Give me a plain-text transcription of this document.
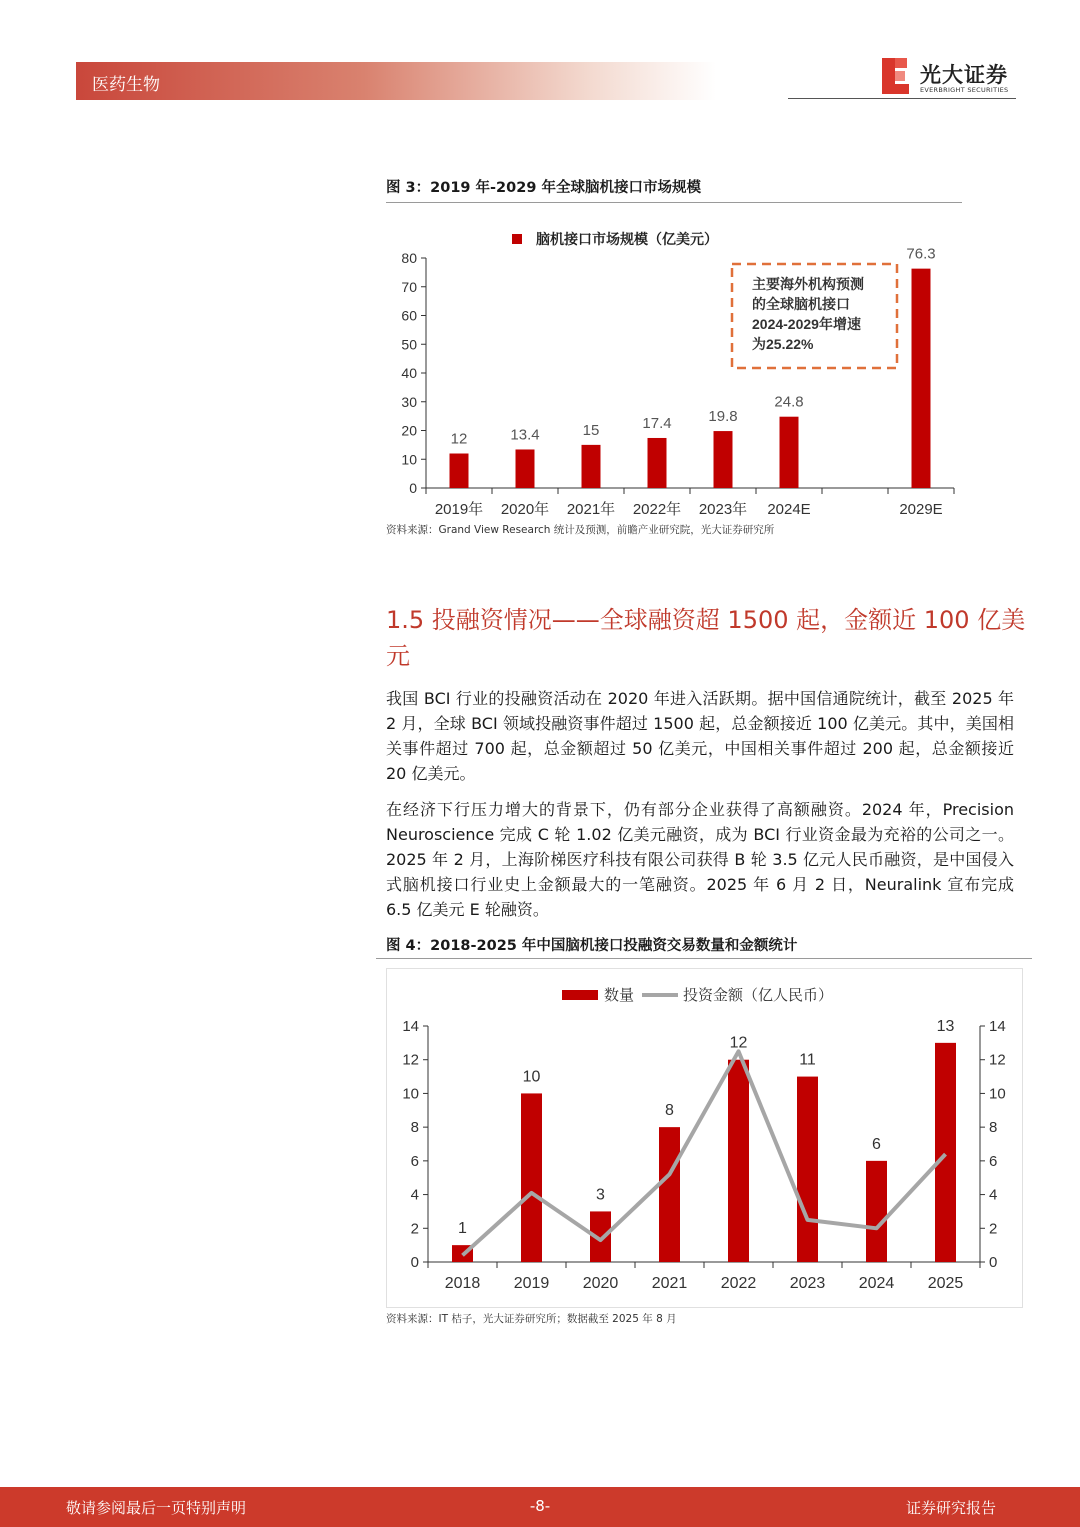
医药生物	光大证券
EVERBRIGHT SECURITIES
图 3：2019 年-2029 年全球脑机接口市场规模
脑机接口市场规模（亿美元）
0
10
20
30
40
50
60
70
80
2019年 2020年 2021年 2022年 2023年 2024E	2029E
12	13.4	15	17.4 19.8
24.8
76.3
主要海外机构预测
的全球脑机接口
2024-2029年增速
为25.22%
资料来源：Grand View Research 统计及预测，前瞻产业研究院，光大证券研究所
1.5 投融资情况——全球融资超 1500 起，金额近 100 亿美元
我国 BCI 行业的投融资活动在 2020 年进入活跃期。据中国信通院统计，截至 2025 年 2 月，全球 BCI 领域投融资事件超过 1500 起，总金额接近 100 亿美元。其中，美国相关事件超过 700 起，总金额超过 50 亿美元，中国相关事件超过 200 起，总金额接近 20 亿美元。
在经济下行压力增大的背景下，仍有部分企业获得了高额融资。2024 年，Precision Neuroscience 完成 C 轮 1.02 亿美元融资，成为 BCI 行业资金最为充裕的公司之一。2025 年 2 月，上海阶梯医疗科技有限公司获得 B 轮 3.5 亿元人民币融资，是中国侵入式脑机接口行业史上金额最大的一笔融资。2025 年 6 月 2 日，Neuralink 宣布完成 6.5 亿美元 E 轮融资。
图 4：2018-2025 年中国脑机接口投融资交易数量和金额统计
数量	投资金额（亿人民币）
0	0
2	2
4	4
6	6
8	8
10	10
12	12
14	14
2018 2019 2020 2021 2022 2023 2024 2025
1
10
3
8
12
11
6
13
资料来源：IT 桔子，光大证券研究所；数据截至 2025 年 8 月
敬请参阅最后一页特别声明	-8-	证券研究报告
